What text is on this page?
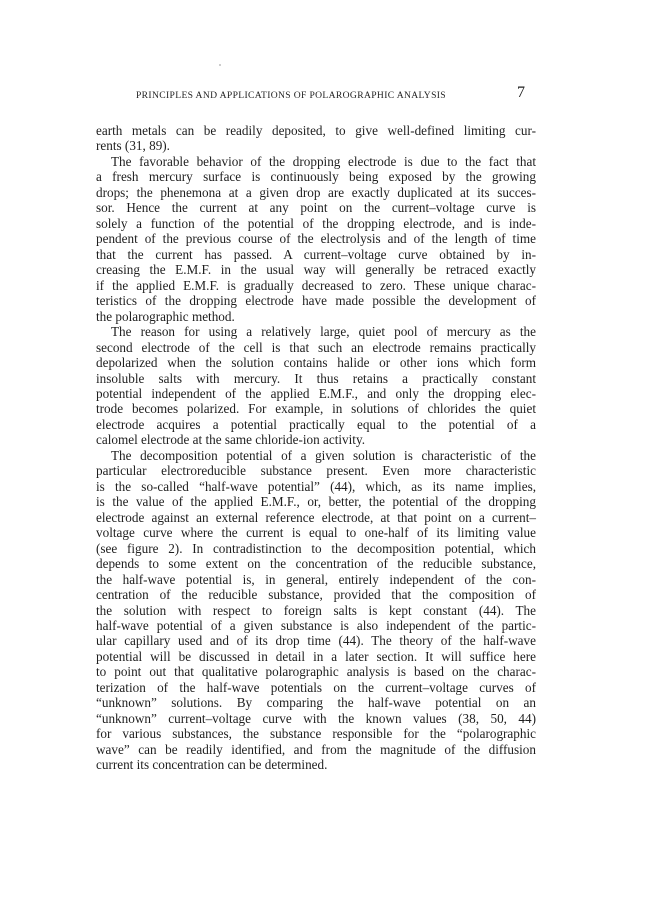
PRINCIPLES AND APPLICATIONS OF POLAROGRAPHIC ANALYSIS	7
earth metals can be readily deposited, to give well-defined limiting cur-
rents (31, 89).
The favorable behavior of the dropping electrode is due to the fact that
a fresh mercury surface is continuously being exposed by the growing
drops; the phenemona at a given drop are exactly duplicated at its succes-
sor. Hence the current at any point on the current–voltage curve is
solely a function of the potential of the dropping electrode, and is inde-
pendent of the previous course of the electrolysis and of the length of time
that the current has passed. A current–voltage curve obtained by in-
creasing the E.M.F. in the usual way will generally be retraced exactly
if the applied E.M.F. is gradually decreased to zero. These unique charac-
teristics of the dropping electrode have made possible the development of
the polarographic method.
The reason for using a relatively large, quiet pool of mercury as the
second electrode of the cell is that such an electrode remains practically
depolarized when the solution contains halide or other ions which form
insoluble salts with mercury. It thus retains a practically constant
potential independent of the applied E.M.F., and only the dropping elec-
trode becomes polarized. For example, in solutions of chlorides the quiet
electrode acquires a potential practically equal to the potential of a
calomel electrode at the same chloride-ion activity.
The decomposition potential of a given solution is characteristic of the
particular electroreducible substance present. Even more characteristic
is the so-called “half-wave potential” (44), which, as its name implies,
is the value of the applied E.M.F., or, better, the potential of the dropping
electrode against an external reference electrode, at that point on a current–
voltage curve where the current is equal to one-half of its limiting value
(see figure 2). In contradistinction to the decomposition potential, which
depends to some extent on the concentration of the reducible substance,
the half-wave potential is, in general, entirely independent of the con-
centration of the reducible substance, provided that the composition of
the solution with respect to foreign salts is kept constant (44). The
half-wave potential of a given substance is also independent of the partic-
ular capillary used and of its drop time (44). The theory of the half-wave
potential will be discussed in detail in a later section. It will suffice here
to point out that qualitative polarographic analysis is based on the charac-
terization of the half-wave potentials on the current–voltage curves of
“unknown” solutions. By comparing the half-wave potential on an
“unknown” current–voltage curve with the known values (38, 50, 44)
for various substances, the substance responsible for the “polarographic
wave” can be readily identified, and from the magnitude of the diffusion
current its concentration can be determined.
